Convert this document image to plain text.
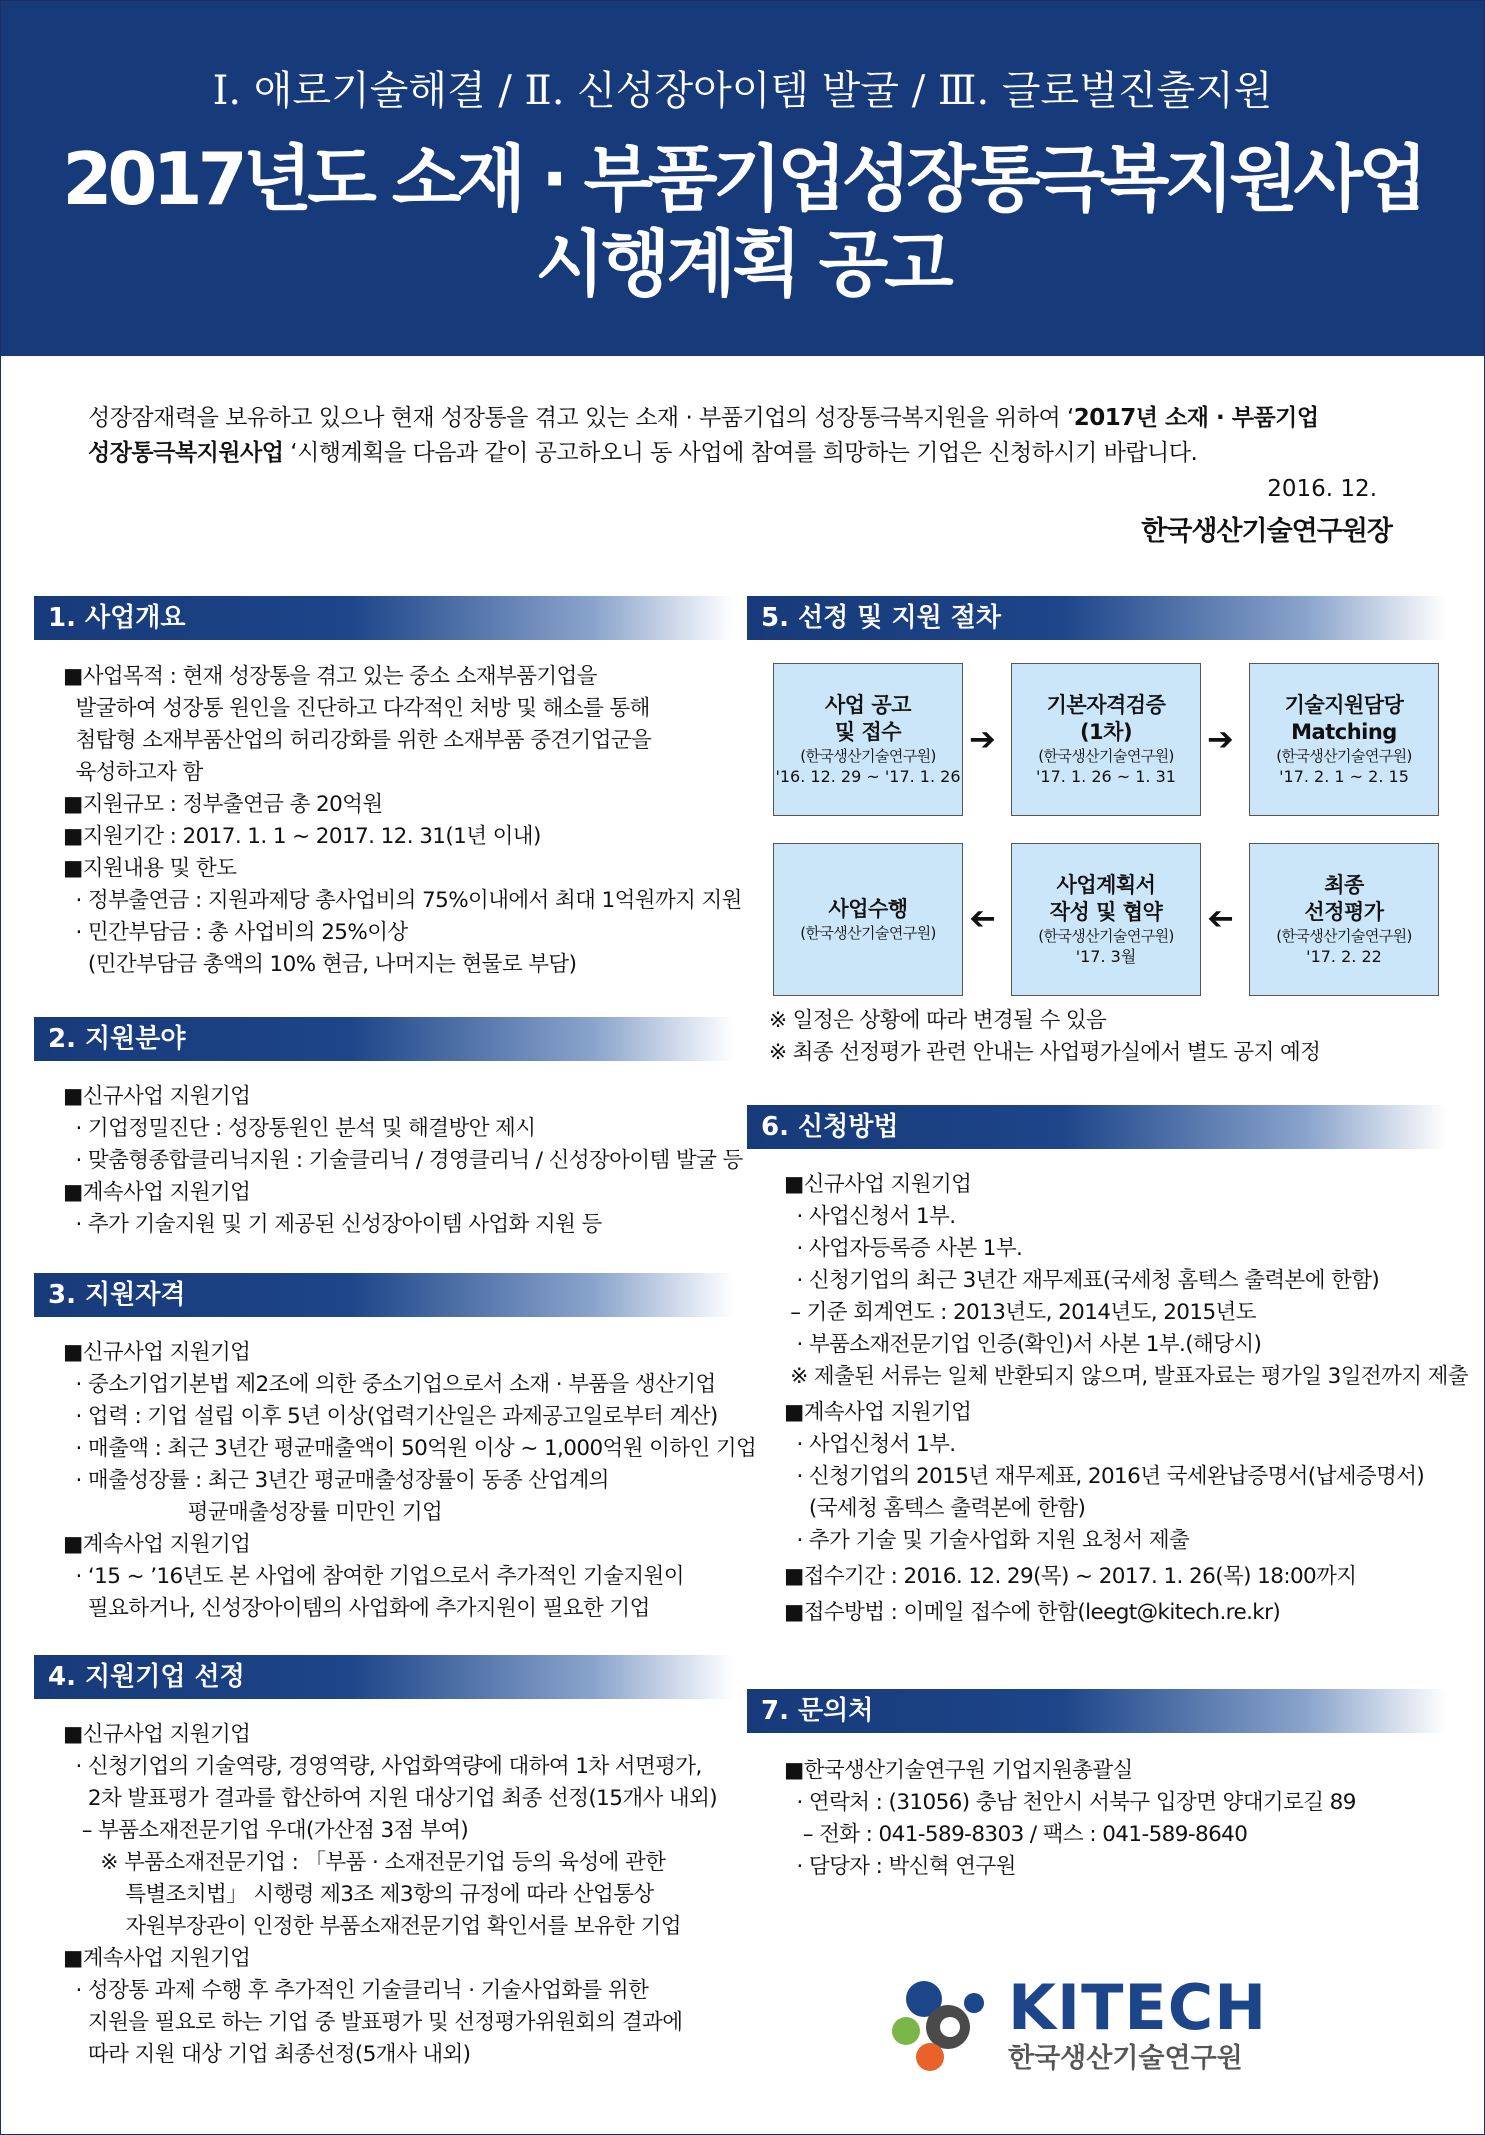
Ⅰ. 애로기술해결 / Ⅱ. 신성장아이템 발굴 / Ⅲ. 글로벌진출지원
2017년도 소재 · 부품기업성장통극복지원사업
시행계획 공고
성장잠재력을 보유하고 있으나 현재 성장통을 겪고 있는 소재 · 부품기업의 성장통극복지원을 위하여 ‘2017년 소재 · 부품기업
성장통극복지원사업 ‘시행계획을 다음과 같이 공고하오니 동 사업에 참여를 희망하는 기업은 신청하시기 바랍니다.
2016. 12.
한국생산기술연구원장
1. 사업개요
■사업목적 : 현재 성장통을 겪고 있는 중소 소재부품기업을
발굴하여 성장통 원인을 진단하고 다각적인 처방 및 해소를 통해
첨탑형 소재부품산업의 허리강화를 위한 소재부품 중견기업군을
육성하고자 함
■지원규모 : 정부출연금 총 20억원
■지원기간 : 2017. 1. 1 ~ 2017. 12. 31(1년 이내)
■지원내용 및 한도
· 정부출연금 : 지원과제당 총사업비의 75%이내에서 최대 1억원까지 지원
· 민간부담금 : 총 사업비의 25%이상
(민간부담금 총액의 10% 현금, 나머지는 현물로 부담)
2. 지원분야
■신규사업 지원기업
· 기업정밀진단 : 성장통원인 분석 및 해결방안 제시
· 맞춤형종합클리닉지원 : 기술클리닉 / 경영클리닉 / 신성장아이템 발굴 등
■계속사업 지원기업
· 추가 기술지원 및 기 제공된 신성장아이템 사업화 지원 등
3. 지원자격
■신규사업 지원기업
· 중소기업기본법 제2조에 의한 중소기업으로서 소재 · 부품을 생산기업
· 업력 : 기업 설립 이후 5년 이상(업력기산일은 과제공고일로부터 계산)
· 매출액 : 최근 3년간 평균매출액이 50억원 이상 ~ 1,000억원 이하인 기업
· 매출성장률 : 최근 3년간 평균매출성장률이 동종 산업계의
평균매출성장률 미만인 기업
■계속사업 지원기업
· ‘15 ~ ’16년도 본 사업에 참여한 기업으로서 추가적인 기술지원이
필요하거나, 신성장아이템의 사업화에 추가지원이 필요한 기업
4. 지원기업 선정
■신규사업 지원기업
· 신청기업의 기술역량, 경영역량, 사업화역량에 대하여 1차 서면평가,
2차 발표평가 결과를 합산하여 지원 대상기업 최종 선정(15개사 내외)
– 부품소재전문기업 우대(가산점 3점 부여)
※ 부품소재전문기업 : 「부품 · 소재전문기업 등의 육성에 관한
특별조치법」 시행령 제3조 제3항의 규정에 따라 산업통상
자원부장관이 인정한 부품소재전문기업 확인서를 보유한 기업
■계속사업 지원기업
· 성장통 과제 수행 후 추가적인 기술클리닉 · 기술사업화를 위한
지원을 필요로 하는 기업 중 발표평가 및 선정평가위원회의 결과에
따라 지원 대상 기업 최종선정(5개사 내외)
5. 선정 및 지원 절차
사업 공고
및 접수
(한국생산기술연구원)
'16. 12. 29 ~ '17. 1. 26
➔
기본자격검증
(1차)
(한국생산기술연구원)
'17. 1. 26 ~ 1. 31
➔
기술지원담당
Matching
(한국생산기술연구원)
'17. 2. 1 ~ 2. 15
최종
선정평가
(한국생산기술연구원)
'17. 2. 22
➔
사업계획서
작성 및 협약
(한국생산기술연구원)
'17. 3월
➔
사업수행
(한국생산기술연구원)
※ 일정은 상황에 따라 변경될 수 있음
※ 최종 선정평가 관련 안내는 사업평가실에서 별도 공지 예정
6. 신청방법
■신규사업 지원기업
· 사업신청서 1부.
· 사업자등록증 사본 1부.
· 신청기업의 최근 3년간 재무제표(국세청 홈텍스 출력본에 한함)
– 기준 회계연도 : 2013년도, 2014년도, 2015년도
· 부품소재전문기업 인증(확인)서 사본 1부.(해당시)
※ 제출된 서류는 일체 반환되지 않으며, 발표자료는 평가일 3일전까지 제출
■계속사업 지원기업
· 사업신청서 1부.
· 신청기업의 2015년 재무제표, 2016년 국세완납증명서(납세증명서)
(국세청 홈텍스 출력본에 한함)
· 추가 기술 및 기술사업화 지원 요청서 제출
■접수기간 : 2016. 12. 29(목) ~ 2017. 1. 26(목) 18:00까지
■접수방법 : 이메일 접수에 한함(leegt@kitech.re.kr)
7. 문의처
■한국생산기술연구원 기업지원총괄실
· 연락처 : (31056) 충남 천안시 서북구 입장면 양대기로길 89
– 전화 : 041-589-8303 / 팩스 : 041-589-8640
· 담당자 : 박신혁 연구원
KITECH
한국생산기술연구원
